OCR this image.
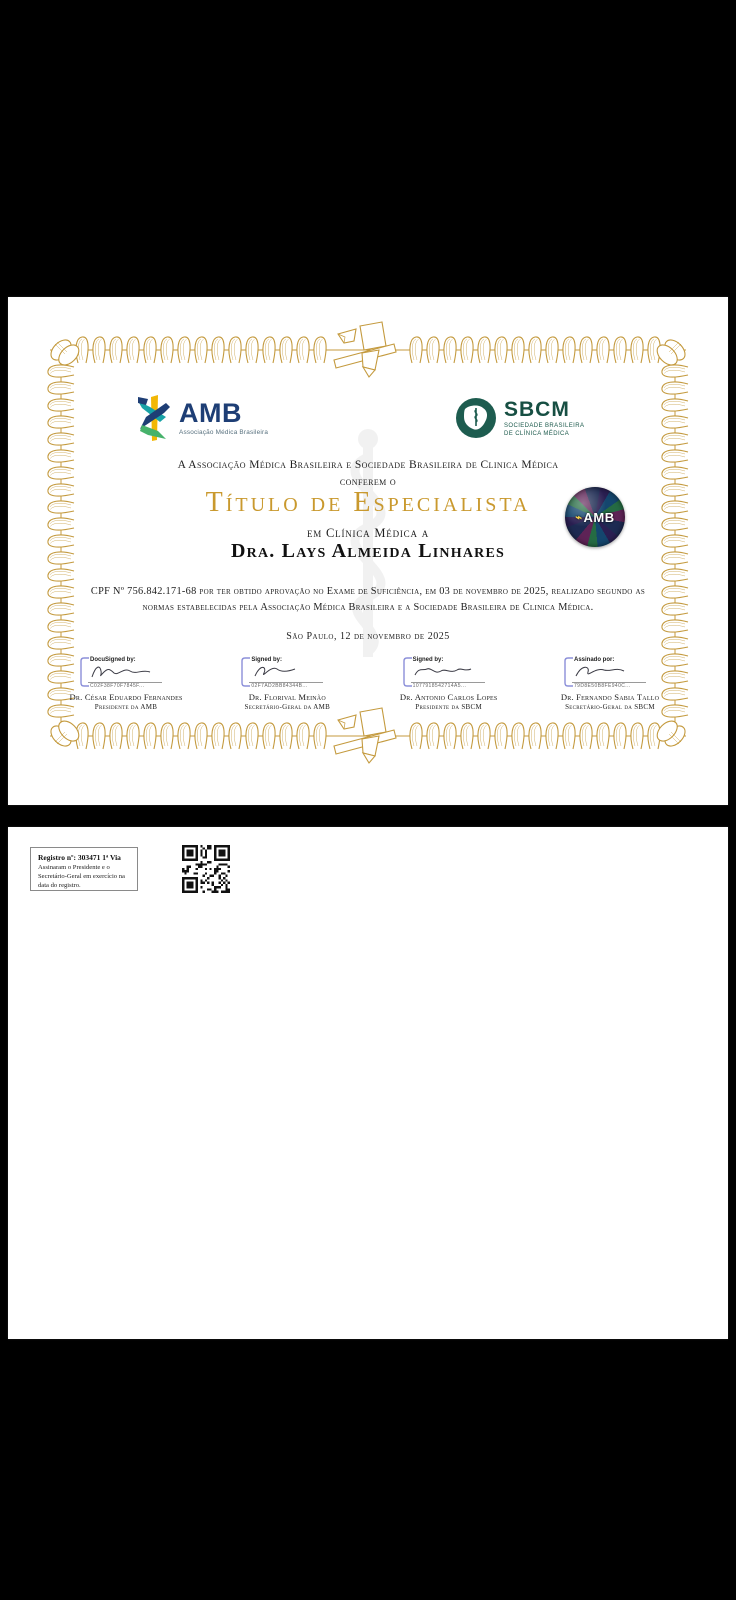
AMB
Associação Médica Brasileira
SBCM
SOCIEDADE BRASILEIRA
DE CLÍNICA MÉDICA
A Associação Médica Brasileira e Sociedade Brasileira de Clinica Médica
conferem o
Título de Especialista
em Clínica Médica a
Dra. Lays Almeida Linhares
⌁ AMB
CPF Nº 756.842.171-68 por ter obtido aprovação no Exame de Suficiência, em 03 de novembro de 2025, realizado segundo as normas estabelecidas pela Associação Médica Brasileira e a Sociedade Brasileira de Clinica Médica.
São Paulo, 12 de novembro de 2025
DocuSigned by:
C02F38F70F7845F...
Dr. César Eduardo Fernandes
Presidente da AMB
Signed by:
02F7AD2BB84344B...
Dr. Florival Meinão
Secretário-Geral da AMB
Signed by:
1077918542714A5...
Dr. Antonio Carlos Lopes
Presidente da SBCM
Assinado por:
79D8E50B8FE940C...
Dr. Fernando Sabia Tallo
Secretário-Geral da SBCM
Registro nº: 303471 1ª Via
Assinaram o Presidente e o Secretário-Geral em exercício na data do registro.
